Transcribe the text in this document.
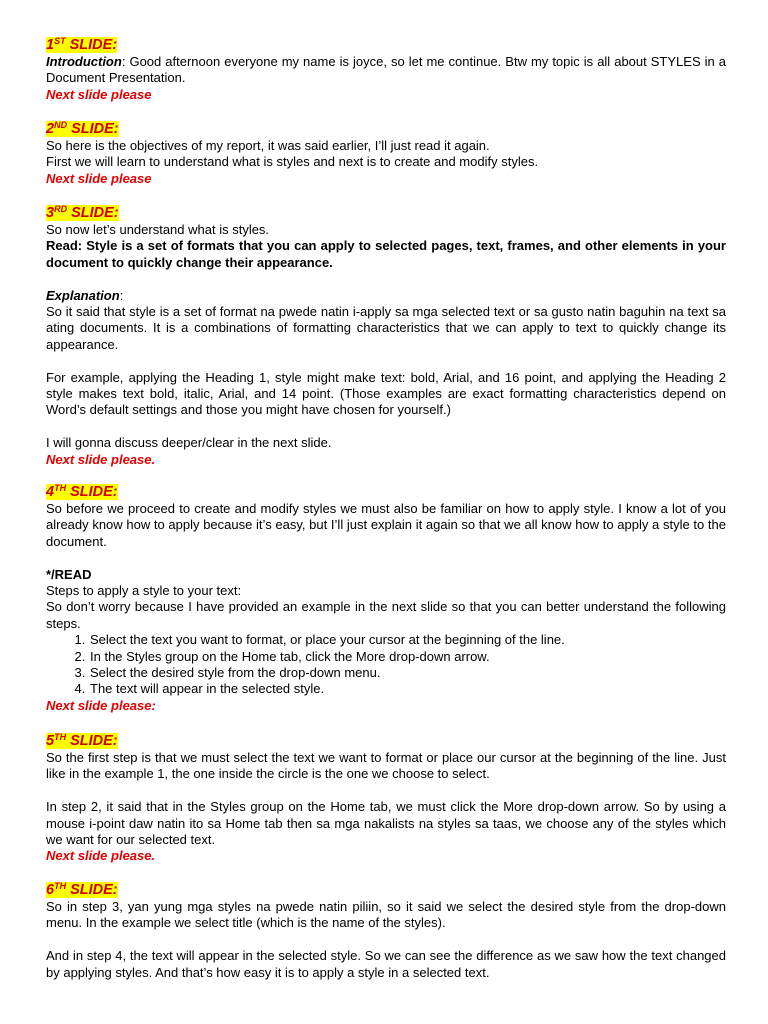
1ST SLIDE:

Introduction: Good afternoon everyone my name is joyce, so let me continue. Btw my topic is all about STYLES in a Document Presentation.

Next slide please

2ND SLIDE:

So here is the objectives of my report, it was said earlier, I’ll just read it again.

First we will learn to understand what is styles and next is to create and modify styles.

Next slide please

3RD SLIDE:

So now let’s understand what is styles.

Read: Style is a set of formats that you can apply to selected pages, text, frames, and other elements in your document to quickly change their appearance.

Explanation:

So it said that style is a set of format na pwede natin i-apply sa mga selected text or sa gusto natin baguhin na text sa ating documents. It is a combinations of formatting characteristics that we can apply to text to quickly change its appearance.

For example, applying the Heading 1, style might make text: bold, Arial, and 16 point, and applying the Heading 2 style makes text bold, italic, Arial, and 14 point. (Those examples are exact formatting characteristics depend on Word’s default settings and those you might have chosen for yourself.)

I will gonna discuss deeper/clear in the next slide.

Next slide please.

4TH SLIDE:

So before we proceed to create and modify styles we must also be familiar on how to apply style. I know a lot of you already know how to apply because it’s easy, but I’ll just explain it again so that we all know how to apply a style to the document.

*/READ

Steps to apply a style to your text:

So don’t worry because I have provided an example in the next slide so that you can better understand the following steps.

1. Select the text you want to format, or place your cursor at the beginning of the line.
2. In the Styles group on the Home tab, click the More drop-down arrow.
3. Select the desired style from the drop-down menu.
4. The text will appear in the selected style.

Next slide please:

5TH SLIDE:

So the first step is that we must select the text we want to format or place our cursor at the beginning of the line. Just like in the example 1, the one inside the circle is the one we choose to select.

In step 2, it said that in the Styles group on the Home tab, we must click the More drop-down arrow. So by using a mouse i-point daw natin ito sa Home tab then sa mga nakalists na styles sa taas, we choose any of the styles which we want for our selected text.

Next slide please.

6TH SLIDE:

So in step 3, yan yung mga styles na pwede natin piliin, so it said we select the desired style from the drop-down menu. In the example we select title (which is the name of the styles).

And in step 4, the text will appear in the selected style. So we can see the difference as we saw how the text changed by applying styles. And that’s how easy it is to apply a style in a selected text.
